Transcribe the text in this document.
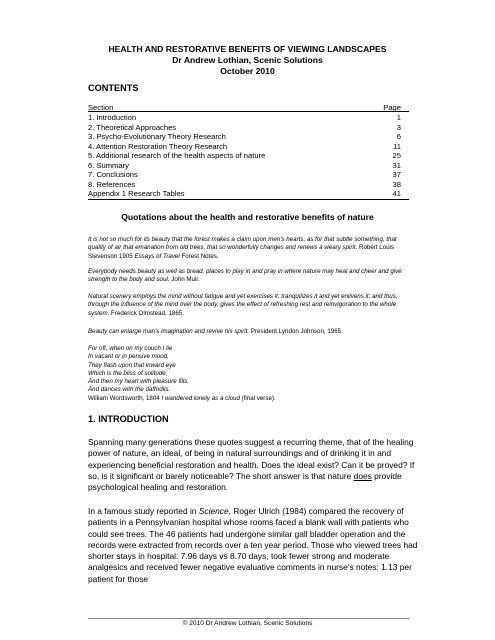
HEALTH AND RESTORATIVE BENEFITS OF VIEWING LANDSCAPES
Dr Andrew Lothian, Scenic Solutions
October 2010
CONTENTS
Section	Page
1. Introduction	1
2. Theoretical Approaches	3
3. Psycho-Evolutionary Theory Research	6
4. Attention Restoration Theory Research	11
5. Additional research of the health aspects of nature	25
6. Summary	31
7. Conclusions	37
8. References	38
Appendix 1 Research Tables	41
Quotations about the health and restorative benefits of nature
It is not so much for its beauty that the forest makes a claim upon men's hearts, as for that subtle something, that quality of air that emanation from old trees, that so wonderfully changes and renews a weary spirit. Robert Louis Stevenson 1905 Essays of Travel Forest Notes.
Everybody needs beauty as well as bread, places to play in and pray in where nature may heal and cheer and give strength to the body and soul. John Muir.
Natural scenery employs the mind without fatigue and yet exercises it; tranquilizes it and yet enlivens it; and thus, through the influence of the mind over the body, gives the effect of refreshing rest and reinvigoration to the whole system. Frederick Olmstead, 1865.
Beauty can enlarge man's imagination and revive his spirit. President Lyndon Johnson, 1965.
For oft, when on my couch I lie
In vacant or in pensive mood,
They flash upon that inward eye
Which is the bliss of solitude;
And then my heart with pleasure fills,
And dances with the daffodils.
William Wordsworth, 1804 I wandered lonely as a cloud (final verse).
1. INTRODUCTION
Spanning many generations these quotes suggest a recurring theme, that of the healing power of nature, an ideal, of being in natural surroundings and of drinking it in and experiencing beneficial restoration and health. Does the ideal exist? Can it be proved? If so, is it significant or barely noticeable? The short answer is that nature does provide psychological healing and restoration.
In a famous study reported in Science, Roger Ulrich (1984) compared the recovery of patients in a Pennsylvanian hospital whose rooms faced a blank wall with patients who could see trees. The 46 patients had undergone similar gall bladder operation and the records were extracted from records over a ten year period. Those who viewed trees had shorter stays in hospital: 7.96 days vs 8.70 days, took fewer strong and moderate analgesics and received fewer negative evaluative comments in nurse’s notes: 1.13 per patient for those
© 2010 Dr Andrew Lothian, Scenic Solutions
